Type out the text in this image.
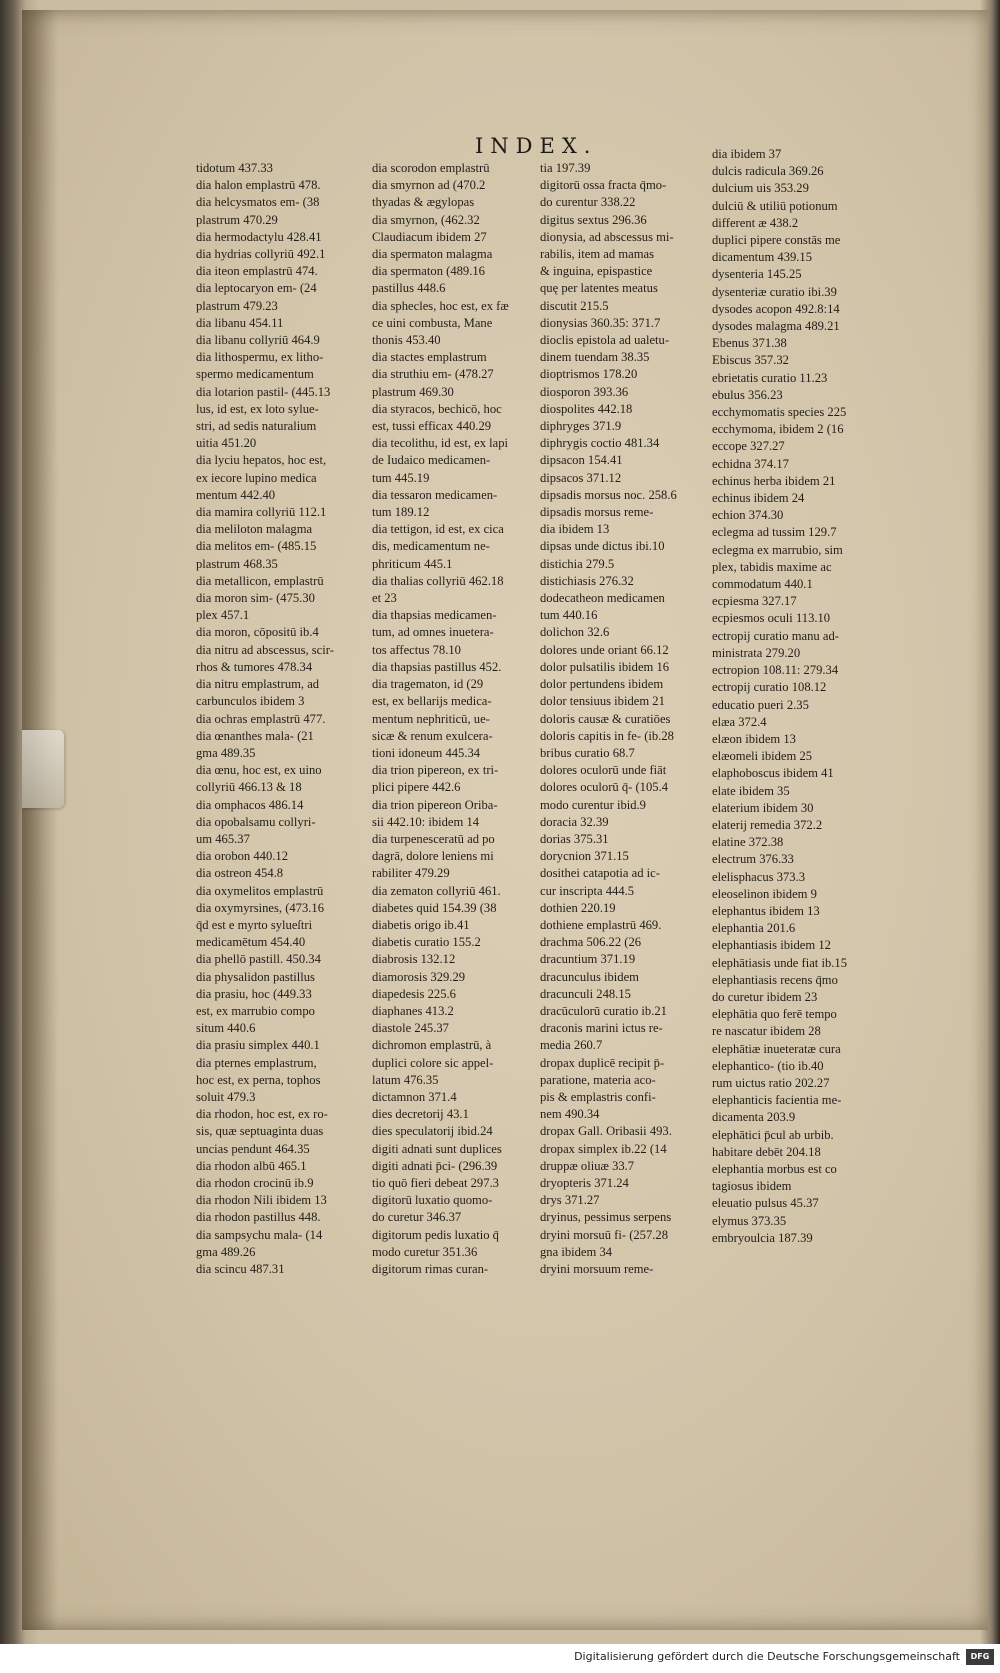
INDEX.
tidotum 437.33
dia halon emplastrū 478.
dia helcysmatos em- (38
plastrum 470.29
dia hermodactylu 428.41
dia hydrias collyriū 492.1
dia iteon emplastrū 474.
dia leptocaryon em- (24
plastrum 479.23
dia libanu 454.11
dia libanu collyriū 464.9
dia lithospermu, ex litho-
spermo medicamentum
dia lotarion pastil- (445.13
lus, id est, ex loto syluе-
stri, ad sedis naturalium
uitia 451.20
dia lyciu hepatos, hoc est,
ex iecore lupino medica
mentum 442.40
dia mamira collyriū 112.1
dia meliloton malagma
dia melitos em- (485.15
plastrum 468.35
dia metallicon, emplastrū
dia moron sim- (475.30
plex 457.1
dia moron, cōpositū ib.4
dia nitru ad abscessus, scir-
rhos & tumores 478.34
dia nitru emplastrum, ad
carbunculos ibidem 3
dia ochras emplastrū 477.
dia œnanthes mala- (21
gma 489.35
dia œnu, hoc est, ex uino
collyriū 466.13 & 18
dia omphacos 486.14
dia opobalsamu collyri-
um 465.37
dia orobon 440.12
dia ostreon 454.8
dia oxymelitos emplastrū
dia oxymyrsines, (473.16
q̄d est e myrto sylueſtri
medicamētum 454.40
dia phellō pastill. 450.34
dia physalidon pastillus
dia prasiu, hoc (449.33
est, ex marrubio compo
situm 440.6
dia prasiu simplex 440.1
dia pternes emplastrum,
hoc est, ex perna, tophos
soluit 479.3
dia rhodon, hoc est, ex ro-
sis, quæ septuaginta duas
uncias pendunt 464.35
dia rhodon albū 465.1
dia rhodon crocinū ib.9
dia rhodon Nili ibidem 13
dia rhodon pastillus 448.
dia sampsychu mala- (14
gma 489.26
dia scincu 487.31
dia scorodon emplastrū
dia smyrnon ad (470.2
thyadas & ægylopas
dia smyrnon, (462.32
Claudiacum ibidem 27
dia spermaton malagma
dia spermaton (489.16
pastillus 448.6
dia sphecles, hoc est, ex fæ
ce uini combusta, Mane
thonis 453.40
dia stactes emplastrum
dia struthiu em- (478.27
plastrum 469.30
dia styracos, bechicō, hoc
est, tussi efficax 440.29
dia tecolithu, id est, ex lapi
de Iudaico medicamen-
tum 445.19
dia tessaron medicamen-
tum 189.12
dia tettigon, id est, ex cica
dis, medicamentum ne-
phriticum 445.1
dia thalias collyriū 462.18
et 23
dia thapsias medicamen-
tum, ad omnes inueterа-
tos affectus 78.10
dia thapsias pastillus 452.
dia tragematon, id (29
est, ex bellarijs medica-
mentum nephriticū, ue-
sicæ & renum exulcera-
tioni idoneum 445.34
dia trion pipereon, ex tri-
plici pipere 442.6
dia trion pipereon Oriba-
sii 442.10: ibidem 14
dia turpenesceratū ad po
dagrā, dolore leniens mi
rabiliter 479.29
dia zematon collyriū 461.
diabetes quid 154.39 (38
diabetis origo ib.41
diabetis curatio 155.2
diabrosis 132.12
diamorosis 329.29
diapedesis 225.6
diaphanes 413.2
diastole 245.37
dichromon emplastrū, à
duplici colore sic appel-
latum 476.35
dictamnon 371.4
dies decretorij 43.1
dies speculatorij ibid.24
digiti adnati sunt duplices
digiti adnati p̄ci- (296.39
tio quō fieri debeat 297.3
digitorū luxatio quomo-
do curetur 346.37
digitorum pedis luxatio q̄
modo curetur 351.36
digitorum rimas curan-
tia 197.39
digitorū ossa fracta q̄mo-
do curentur 338.22
digitus sextus 296.36
dionysia, ad abscessus mi-
rabilis, item ad mamas
& inguina, epispastice
quę per latentes meatus
discutit 215.5
dionysias 360.35: 371.7
dioclis epistola ad ualetu-
dinem tuendam 38.35
dioptrismos 178.20
diosporon 393.36
diospolites 442.18
diphryges 371.9
diphrygis coctio 481.34
dipsacon 154.41
dipsacos 371.12
dipsadis morsus noc. 258.6
dipsadis morsus reme-
dia ibidem 13
dipsas unde dictus ibi.10
distichia 279.5
distichiasis 276.32
dodecatheon medicamen
tum 440.16
dolichon 32.6
dolores unde oriant 66.12
dolor pulsatilis ibidem 16
dolor pertundens ibidem
dolor tensiuus ibidem 21
doloris causæ & curatiōes
doloris capitis in fe- (ib.28
bribus curatio 68.7
dolores oculorū unde fiāt
dolores oculorū q̄- (105.4
modo curentur ibid.9
doracia 32.39
dorias 375.31
dorycnion 371.15
dosithei catapotia ad ic-
cur inscripta 444.5
dothien 220.19
dothiene emplastrū 469.
drachma 506.22 (26
dracuntium 371.19
dracunculus ibidem
dracunculi 248.15
dracūculorū curatio ib.21
draconis marini ictus re-
media 260.7
dropax duplicē recipit p̄-
paratione, materia aco-
pis & emplastris confi-
nem 490.34
dropax Gall. Oribasii 493.
dropax simplex ib.22 (14
druppæ oliuæ 33.7
dryopteris 371.24
drys 371.27
dryinus, pessimus serpens
dryini morsuū fi- (257.28
gna ibidem 34
dryini morsuum reme-
dia ibidem 37
dulcis radicula 369.26
dulcium uis 353.29
dulciū & utiliū potionum
different æ 438.2
duplici pipere constās me
dicamentum 439.15
dysenteria 145.25
dysenteriæ curatio ibi.39
dysodes acopon 492.8:14
dysodes malagma 489.21
Ebenus 371.38
Ebiscus 357.32
ebrietatis curatio 11.23
ebulus 356.23
ecchymomatis species 225
ecchymoma, ibidem 2 (16
eccope 327.27
echidna 374.17
echinus herba ibidem 21
echinus ibidem 24
echion 374.30
eclegma ad tussim 129.7
eclegma ex marrubio, sim
plex, tabidis maxime ac
commodatum 440.1
ecpiesma 327.17
ecpiesmos oculi 113.10
ectropij curatio manu ad-
ministrata 279.20
ectropion 108.11: 279.34
ectropij curatio 108.12
educatio pueri 2.35
elæa 372.4
elæon ibidem 13
elæomeli ibidem 25
elaphoboscus ibidem 41
elate ibidem 35
elaterium ibidem 30
elaterij remedia 372.2
elatine 372.38
electrum 376.33
elelisphacus 373.3
eleoselinon ibidem 9
elephantus ibidem 13
elephantia 201.6
elephantiasis ibidem 12
elephātiasis unde fiat ib.15
elephantiasis recens q̄mo
do curetur ibidem 23
elephātia quo ferē tempo
re nascatur ibidem 28
elephātiæ inueteratæ cura
elephantico- (tio ib.40
rum uictus ratio 202.27
elephanticis facientia me-
dicamenta 203.9
elephātici p̄cul ab urbib.
habitare debēt 204.18
elephantia morbus est co
tagiosus ibidem
eleuatio pulsus 45.37
elymus 373.35
embryoulcia 187.39
Digitalisierung gefördert durch die Deutsche Forschungsgemeinschaft	DFG
